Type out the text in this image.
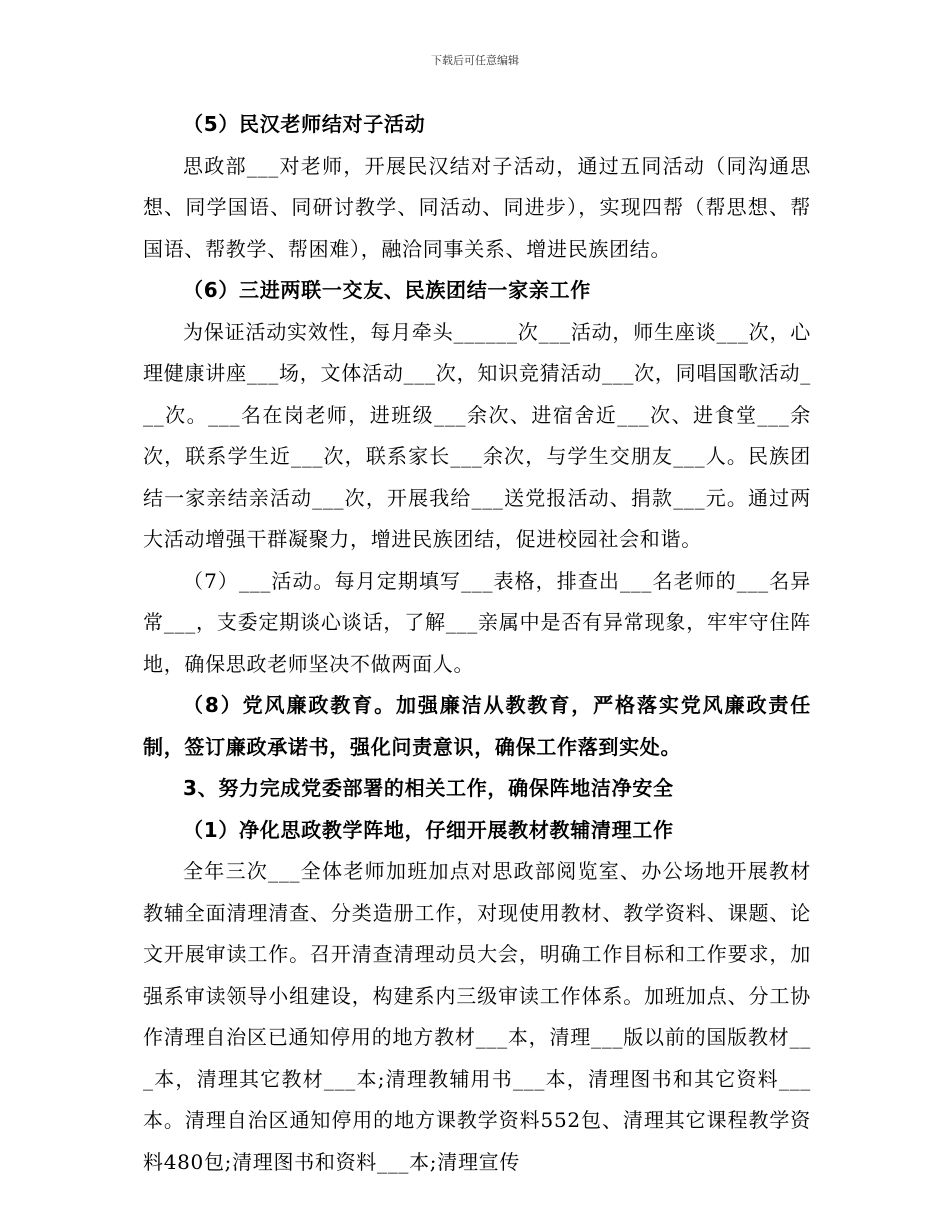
下载后可任意编辑
（5）民汉老师结对子活动
思政部___对老师，开展民汉结对子活动，通过五同活动（同沟通思想、同学国语、同研讨教学、同活动、同进步），实现四帮（帮思想、帮国语、帮教学、帮困难），融洽同事关系、增进民族团结。
（6）三进两联一交友、民族团结一家亲工作
为保证活动实效性，每月牵头______次___活动，师生座谈___次，心理健康讲座___场，文体活动___次，知识竞猜活动___次，同唱国歌活动___次。___名在岗老师，进班级___余次、进宿舍近___次、进食堂___余次，联系学生近___次，联系家长___余次，与学生交朋友___人。民族团结一家亲结亲活动___次，开展我给___送党报活动、捐款___元。通过两大活动增强干群凝聚力，增进民族团结，促进校园社会和谐。
（7）___活动。每月定期填写___表格，排查出___名老师的___名异常___，支委定期谈心谈话，了解___亲属中是否有异常现象，牢牢守住阵地，确保思政老师坚决不做两面人。
（8）党风廉政教育。加强廉洁从教教育，严格落实党风廉政责任制，签订廉政承诺书，强化问责意识，确保工作落到实处。
3、努力完成党委部署的相关工作，确保阵地洁净安全
（1）净化思政教学阵地，仔细开展教材教辅清理工作
全年三次___全体老师加班加点对思政部阅览室、办公场地开展教材教辅全面清理清查、分类造册工作，对现使用教材、教学资料、课题、论文开展审读工作。召开清查清理动员大会，明确工作目标和工作要求，加强系审读领导小组建设，构建系内三级审读工作体系。加班加点、分工协作清理自治区已通知停用的地方教材___本，清理___版以前的国版教材___本，清理其它教材___本;清理教辅用书___本，清理图书和其它资料___本。清理自治区通知停用的地方课教学资料552包、清理其它课程教学资料480包;清理图书和资料___本;清理宣传
